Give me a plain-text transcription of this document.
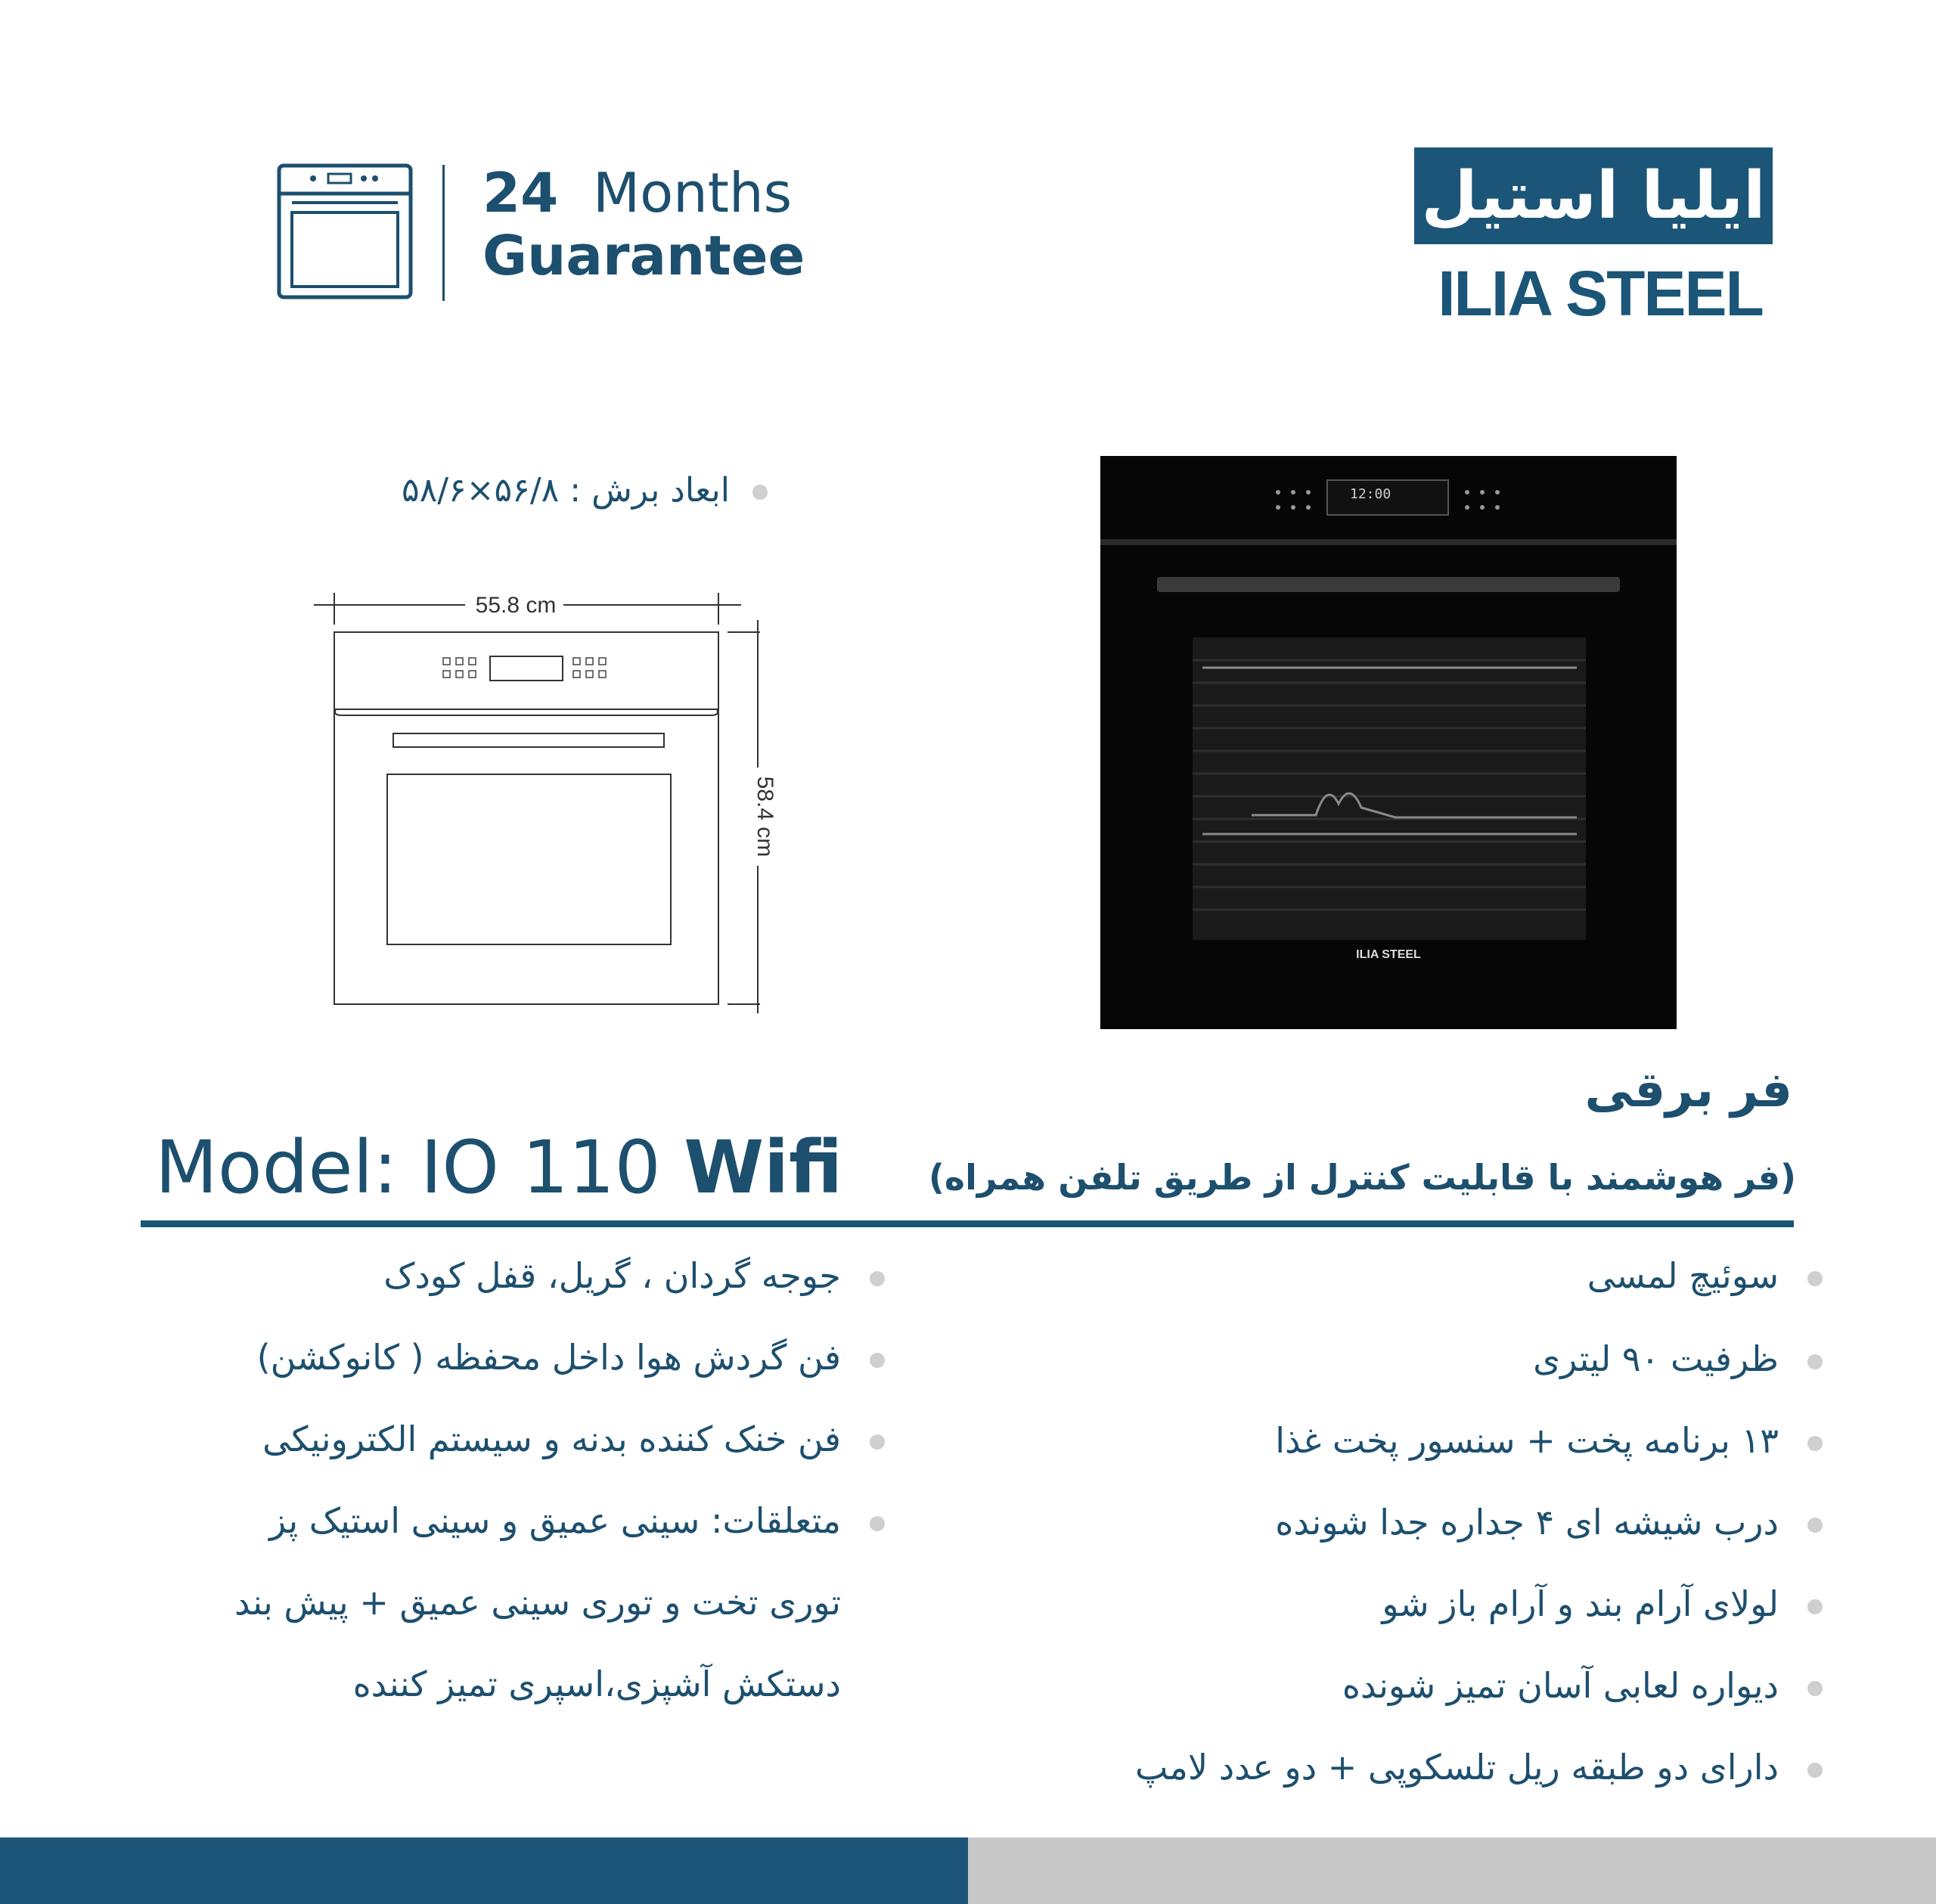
24 Months
Guarantee
ایلیا استیل
ILIA STEEL
ابعاد برش : ۵۶/۸×۵۸/۶
55.8 cm
58.4 cm
12:00
ILIA STEEL
فر برقی
(فر هوشمند با قابلیت کنترل از طریق تلفن همراه)
Model: IO 110 Wifi
سوئیچ لمسی
ظرفیت ۹۰ لیتری
۱۳ برنامه پخت + سنسور پخت غذا
درب شیشه ای ۴ جداره جدا شونده
لولای آرام بند و آرام باز شو
دیواره لعابی آسان تمیز شونده
دارای دو طبقه ریل تلسکوپی + دو عدد لامپ
جوجه گردان ، گریل، قفل کودک
فن گردش هوا داخل محفظه ( کانوکشن)
فن خنک کننده بدنه و سیستم الکترونیکی
متعلقات: سینی عمیق و سینی استیک پز
توری تخت و توری سینی عمیق + پیش بند
دستکش آشپزی،اسپری تمیز کننده
